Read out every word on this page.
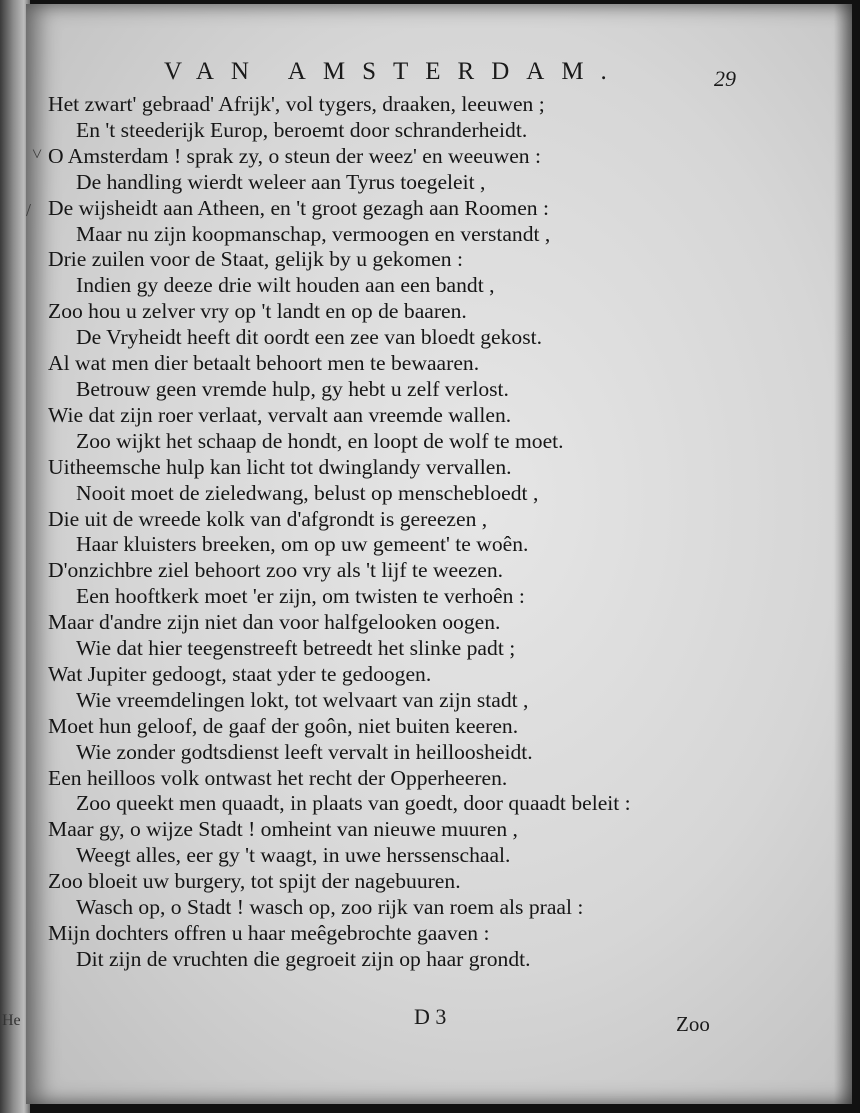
He
VAN AMSTERDAM.	29
˅
/
Het zwart' gebraad' Afrijk', vol tygers, draaken, leeuwen ;
En 't steederijk Europ, beroemt door schranderheidt.
O Amsterdam ! sprak zy, o steun der weez' en weeuwen :
De handling wierdt weleer aan Tyrus toegeleit ,
De wijsheidt aan Atheen, en 't groot gezagh aan Roomen :
Maar nu zijn koopmanschap, vermoogen en verstandt ,
Drie zuilen voor de Staat, gelijk by u gekomen :
Indien gy deeze drie wilt houden aan een bandt ,
Zoo hou u zelver vry op 't landt en op de baaren.
De Vryheidt heeft dit oordt een zee van bloedt gekost.
Al wat men dier betaalt behoort men te bewaaren.
Betrouw geen vremde hulp, gy hebt u zelf verlost.
Wie dat zijn roer verlaat, vervalt aan vreemde wallen.
Zoo wijkt het schaap de hondt, en loopt de wolf te moet.
Uitheemsche hulp kan licht tot dwinglandy vervallen.
Nooit moet de zieledwang, belust op menschebloedt ,
Die uit de wreede kolk van d'afgrondt is gereezen ,
Haar kluisters breeken, om op uw gemeent' te woên.
D'onzichbre ziel behoort zoo vry als 't lijf te weezen.
Een hooftkerk moet 'er zijn, om twisten te verhoên :
Maar d'andre zijn niet dan voor halfgelooken oogen.
Wie dat hier teegenstreeft betreedt het slinke padt ;
Wat Jupiter gedoogt, staat yder te gedoogen.
Wie vreemdelingen lokt, tot welvaart van zijn stadt ,
Moet hun geloof, de gaaf der goôn, niet buiten keeren.
Wie zonder godtsdienst leeft vervalt in heilloosheidt.
Een heilloos volk ontwast het recht der Opperheeren.
Zoo queekt men quaadt, in plaats van goedt, door quaadt beleit :
Maar gy, o wijze Stadt ! omheint van nieuwe muuren ,
Weegt alles, eer gy 't waagt, in uwe herssenschaal.
Zoo bloeit uw burgery, tot spijt der nagebuuren.
Wasch op, o Stadt ! wasch op, zoo rijk van roem als praal :
Mijn dochters offren u haar meêgebrochte gaaven :
Dit zijn de vruchten die gegroeit zijn op haar grondt.
D 3	Zoo
